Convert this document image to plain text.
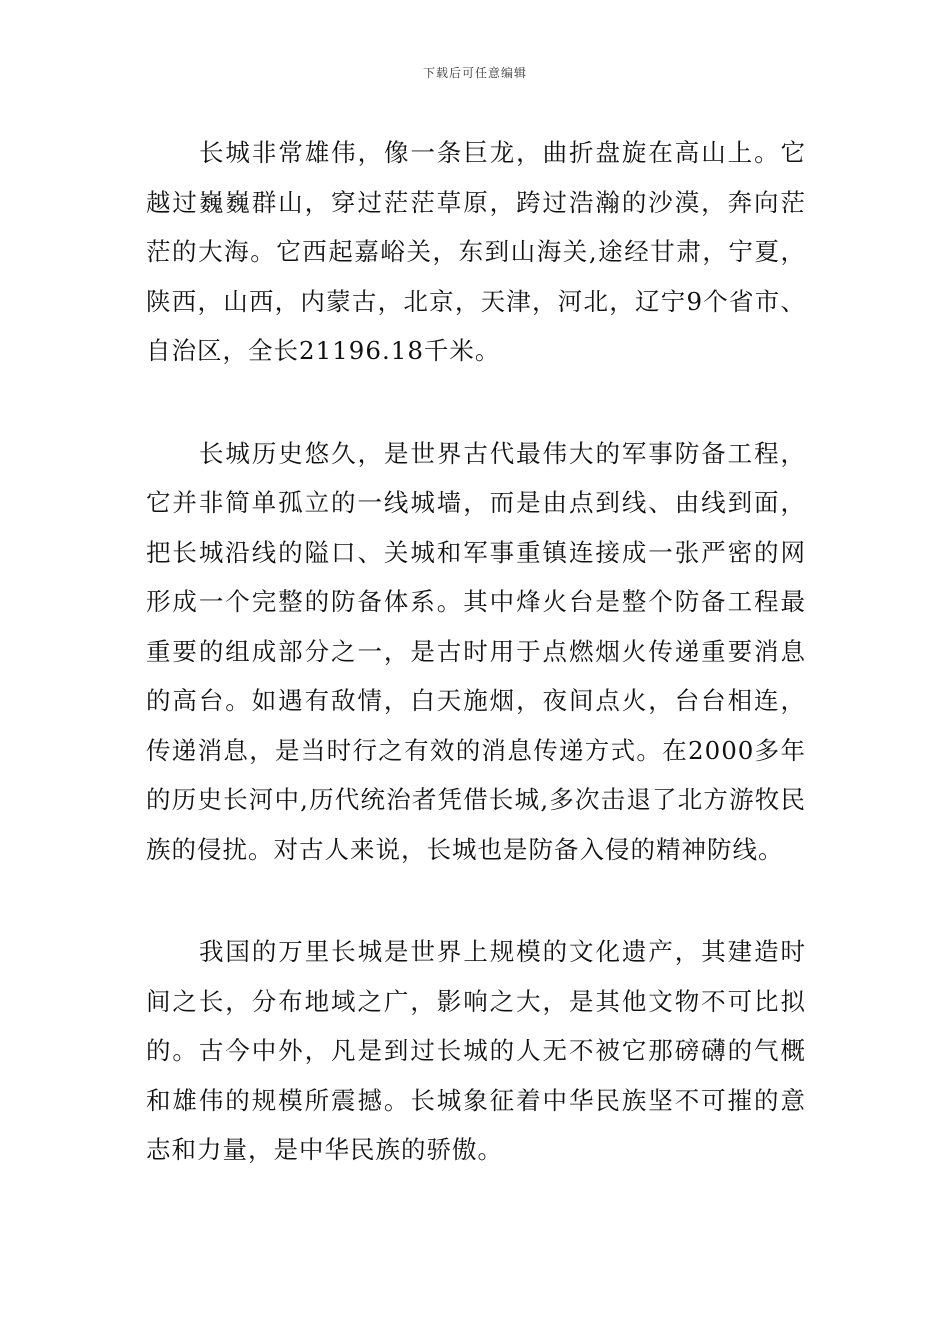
下载后可任意编辑

长城非常雄伟，像一条巨龙，曲折盘旋在高山上。它越过巍巍群山，穿过茫茫草原，跨过浩瀚的沙漠，奔向茫茫的大海。它西起嘉峪关，东到山海关,途经甘肃，宁夏，陕西，山西，内蒙古，北京，天津，河北，辽宁9个省市、自治区，全长21196.18千米。

长城历史悠久，是世界古代最伟大的军事防备工程，它并非简单孤立的一线城墙，而是由点到线、由线到面，把长城沿线的隘口、关城和军事重镇连接成一张严密的网形成一个完整的防备体系。其中烽火台是整个防备工程最重要的组成部分之一，是古时用于点燃烟火传递重要消息的高台。如遇有敌情，白天施烟，夜间点火，台台相连，传递消息，是当时行之有效的消息传递方式。在2000多年的历史长河中,历代统治者凭借长城,多次击退了北方游牧民族的侵扰。对古人来说，长城也是防备入侵的精神防线。

我国的万里长城是世界上规模的文化遗产，其建造时间之长，分布地域之广，影响之大，是其他文物不可比拟的。古今中外，凡是到过长城的人无不被它那磅礴的气概和雄伟的规模所震撼。长城象征着中华民族坚不可摧的意志和力量，是中华民族的骄傲。
